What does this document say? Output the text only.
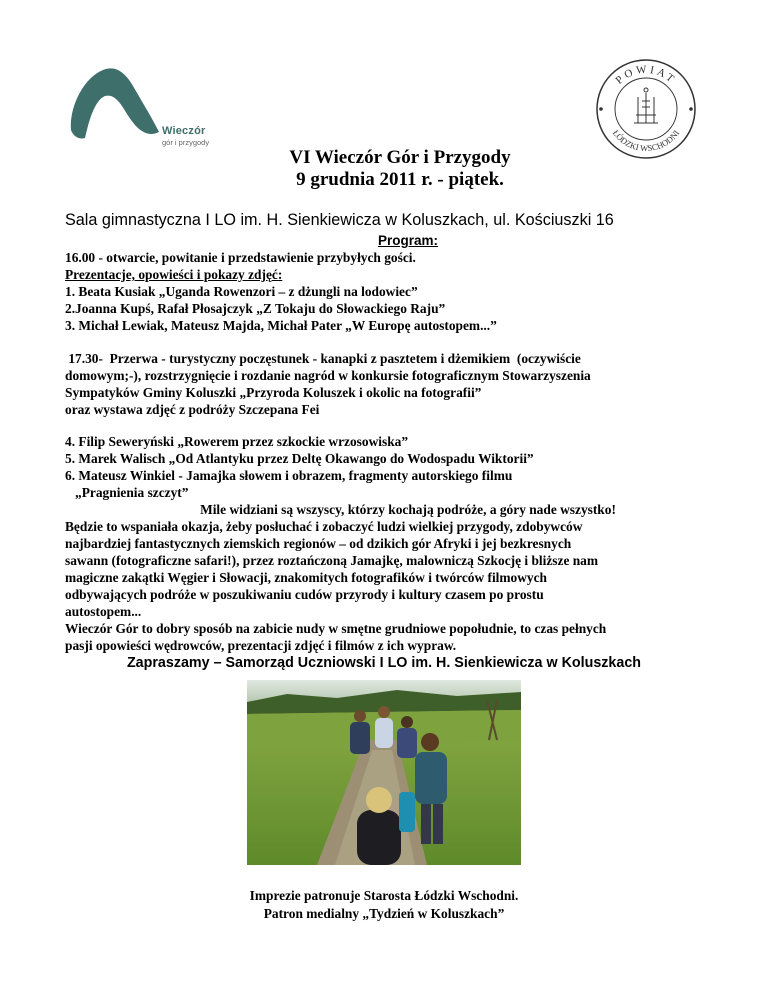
Wieczór
gór i przygody
POWIAT
ŁÓDZKI WSCHODNI
VI Wieczór Gór i Przygody
9 grudnia 2011 r. - piątek.
Sala gimnastyczna I LO im. H. Sienkiewicza w Koluszkach, ul. Kościuszki 16
Program:
16.00 - otwarcie, powitanie i przedstawienie przybyłych gości.
Prezentacje, opowieści i pokazy zdjęć:
1. Beata Kusiak „Uganda Rowenzori – z dżungli na lodowiec”
2.Joanna Kupś, Rafał Płosajczyk „Z Tokaju do Słowackiego Raju”
3. Michał Lewiak, Mateusz Majda, Michał Pater „W Europę autostopem...”
17.30-  Przerwa - turystyczny poczęstunek - kanapki z pasztetem i dżemikiem  (oczywiście
domowym;-), rozstrzygnięcie i rozdanie nagród w konkursie fotograficznym Stowarzyszenia
Sympatyków Gminy Koluszki „Przyroda Koluszek i okolic na fotografii”
oraz wystawa zdjęć z podróży Szczepana Fei
4. Filip Seweryński „Rowerem przez szkockie wrzosowiska”
5. Marek Walisch „Od Atlantyku przez Deltę Okawango do Wodospadu Wiktorii”
6. Mateusz Winkiel - Jamajka słowem i obrazem, fragmenty autorskiego filmu
„Pragnienia szczyt”
Mile widziani są wszyscy, którzy kochają podróże, a góry nade wszystko!
Będzie to wspaniała okazja, żeby posłuchać i zobaczyć ludzi wielkiej przygody, zdobywców
najbardziej fantastycznych ziemskich regionów – od dzikich gór Afryki i jej bezkresnych
sawann (fotograficzne safari!), przez roztańczoną Jamajkę, malowniczą Szkocję i bliższe nam
magiczne zakątki Węgier i Słowacji, znakomitych fotografików i twórców filmowych
odbywających podróże w poszukiwaniu cudów przyrody i kultury czasem po prostu
autostopem...
Wieczór Gór to dobry sposób na zabicie nudy w smętne grudniowe popołudnie, to czas pełnych
pasji opowieści wędrowców, prezentacji zdjęć i filmów z ich wypraw.
Zapraszamy – Samorząd Uczniowski I LO im. H. Sienkiewicza w Koluszkach
Imprezie patronuje Starosta Łódzki Wschodni.
Patron medialny „Tydzień w Koluszkach”
